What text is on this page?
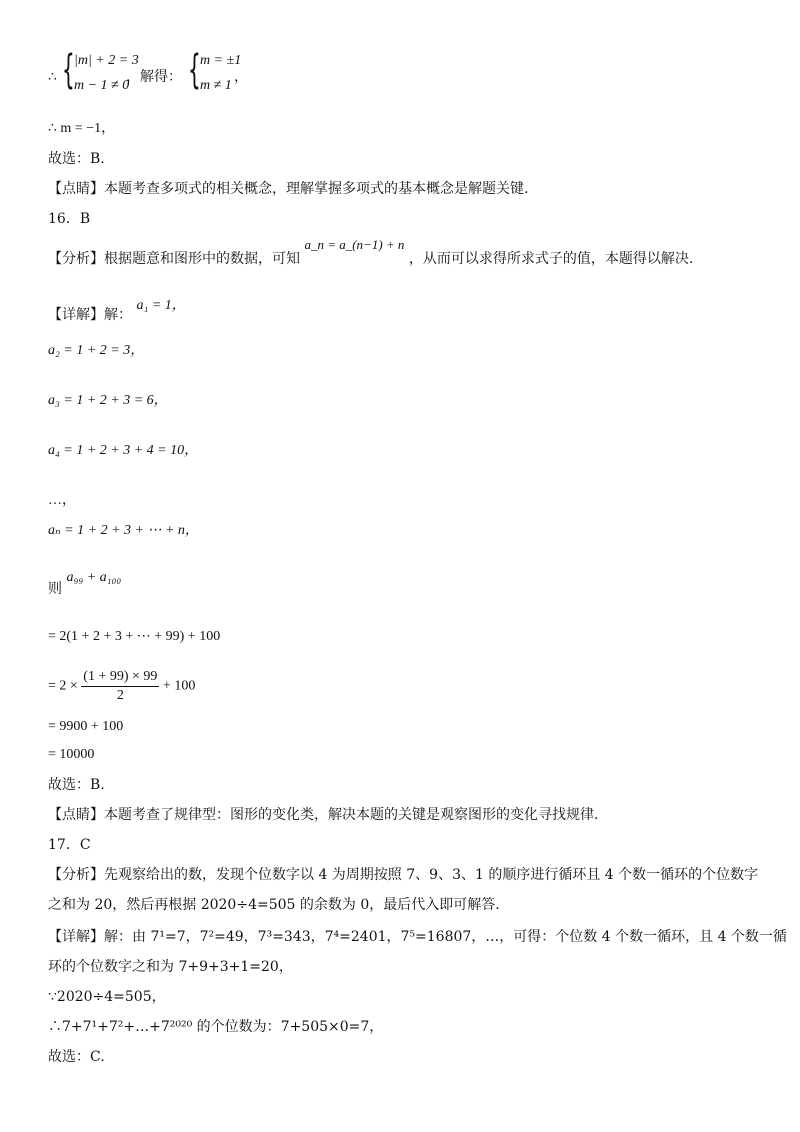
∴ { |m| + 2 = 3
m − 1 ≠ 0
，解得： { m = ±1
m ≠ 1
，
∴ m = −1，
故选：B.
【点睛】本题考查多项式的相关概念，理解掌握多项式的基本概念是解题关键.
16．B
【分析】根据题意和图形中的数据，可知 a_n = a_(n−1) + n ，从而可以求得所求式子的值，本题得以解决.
【详解】解： a₁ = 1，
a₂ = 1 + 2 = 3，
a₃ = 1 + 2 + 3 = 6，
a₄ = 1 + 2 + 3 + 4 = 10，
…，
aₙ = 1 + 2 + 3 + ⋯ + n，
则 a₉₉ + a₁₀₀
= 2(1 + 2 + 3 + ⋯ + 99) + 100
= $2 \times \frac{(1 + 99) \times 99}{2} + 100$
= 9900 + 100
= 10000
故选：B.
【点睛】本题考查了规律型：图形的变化类，解决本题的关键是观察图形的变化寻找规律.
17．C
【分析】先观察给出的数，发现个位数字以 4 为周期按照 7、9、3、1 的顺序进行循环且 4 个数一循环的个位数字
之和为 20，然后再根据 2020÷4=505 的余数为 0，最后代入即可解答.
【详解】解：由 7¹=7，7²=49，7³=343，7⁴=2401，7⁵=16807，…，可得：个位数 4 个数一循环，且 4 个数一循
环的个位数字之和为 7+9+3+1=20，
∵2020÷4=505，
∴7+7¹+7²+…+7²⁰²⁰ 的个位数为：7+505×0=7，
故选：C.
